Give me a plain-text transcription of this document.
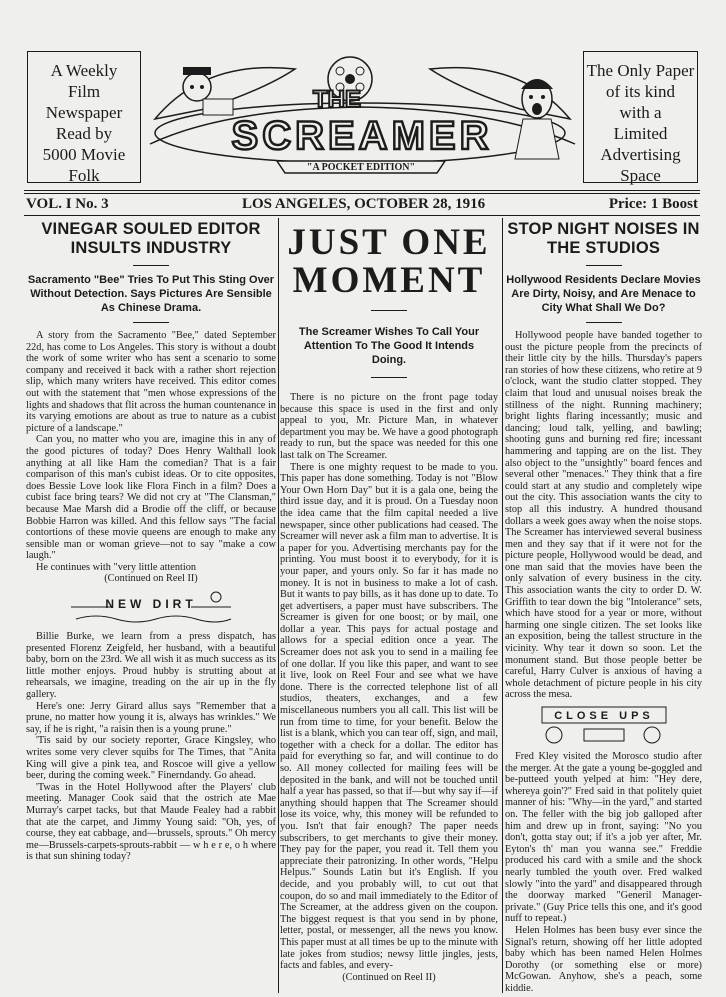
A Weekly
Film
Newspaper
Read by
5000 Movie
Folk
THE
SCREAMER
"A POCKET EDITION"
The Only Paper
of its kind
with a
Limited
Advertising
Space
VOL. I No. 3	LOS ANGELES, OCTOBER 28, 1916	Price: 1 Boost
VINEGAR SOULED EDITOR INSULTS INDUSTRY

Sacramento "Bee" Tries To Put This Sting Over Without Detection. Says Pictures Are Sensible As Chinese Drama.

A story from the Sacramento "Bee," dated September 22d, has come to Los Angeles. This story is without a doubt the work of some writer who has sent a scenario to some company and received it back with a rather short rejection slip, which many writers have received. This editor comes out with the statement that "men whose expressions of the lights and shadows that flit across the human countenance in its varying emotions are about as true to nature as a cubist picture of a landscape."

Can you, no matter who you are, imagine this in any of the good pictures of today? Does Henry Walthall look anything at all like Ham the comedian? That is a fair comparison of this man's cubist ideas. Or to cite opposites, does Bessie Love look like Flora Finch in a film? Does a cubist face bring tears? We did not cry at "The Clansman," because Mae Marsh did a Brodie off the cliff, or because Bobbie Harron was killed. And this fellow says "The facial contortions of these movie queens are enough to make any sensible man or woman grieve—not to say "make a cow laugh."

He continues with "very little attention

(Continued on Reel II)

NEW DIRT

Billie Burke, we learn from a press dispatch, has presented Florenz Zeigfeld, her husband, with a beautiful baby, born on the 23rd. We all wish it as much success as its little mother enjoys. Proud hubby is strutting about at rehearsals, we imagine, treading on the air up in the fly gallery.

Here's one: Jerry Girard allus says "Remember that a prune, no matter how young it is, always has wrinkles." We say, if he is right, "a raisin then is a young prune."

'Tis said by our society reporter, Grace Kingsley, who writes some very clever squibs for The Times, that "Anita King will give a pink tea, and Roscoe will give a yellow beer, during the coming week." Finerndandy. Go ahead.

'Twas in the Hotel Hollywood after the Players' club meeting. Manager Cook said that the ostrich ate Mae Murray's carpet tacks, but that Maude Fealey had a rabbit that ate the carpet, and Jimmy Young said: "Oh, yes, of course, they eat cabbage, and—brussels, sprouts." Oh mercy me—Brussels-carpets-sprouts-rabbit — w h e r e, o h where is that sun shining today?

JUST ONE MOMENT

The Screamer Wishes To Call Your Attention To The Good It Intends Doing.

There is no picture on the front page today because this space is used in the first and only appeal to you, Mr. Picture Man, in whatever department you may be. We have a good photograph ready to run, but the space was needed for this one last talk on The Screamer.

There is one mighty request to be made to you. This paper has done something. Today is not "Blow Your Own Horn Day" but it is a gala one, being the third issue day, and it is proud. On a Tuesday noon the idea came that the film capital needed a live newspaper, since other publications had ceased. The Screamer will never ask a film man to advertise. It is a paper for you. Advertising merchants pay for the printing. You must boost it to everybody, for it is your paper, and yours only. So far it has made no money. It is not in business to make a lot of cash. But it wants to pay bills, as it has done up to date. To get advertisers, a paper must have subscribers. The Screamer is given for one boost; or by mail, one dollar a year. This pays for actual postage and allows for a special edition once a year. The Screamer does not ask you to send in a mailing fee of one dollar. If you like this paper, and want to see it live, look on Reel Four and see what we have done. There is the corrected telephone list of all studios, theaters, exchanges, and a few miscellaneous numbers you all call. This list will be run from time to time, for your benefit. Below the list is a blank, which you can tear off, sign, and mail, together with a check for a dollar. The editor has paid for everything so far, and will continue to do so. All money collected for mailing fees will be deposited in the bank, and will not be touched until half a year has passed, so that if—but why say if—if anything should happen that The Screamer should lose its voice, why, this money will be refunded to you. Isn't that fair enough? The paper needs subscribers, to get merchants to give their money. They pay for the paper, you read it. Tell them you appreciate their patronizing. In other words, "Helpu Helpus." Sounds Latin but it's English. If you decide, and you probably will, to cut out that coupon, do so and mail immediately to the Editor of The Screamer, at the address given on the coupon. The biggest request is that you send in by phone, letter, postal, or messenger, all the news you know. This paper must at all times be up to the minute with late jokes from studios; newsy little jingles, jests, facts and fables, and every-

(Continued on Reel II)

STOP NIGHT NOISES IN THE STUDIOS

Hollywood Residents Declare Movies Are Dirty, Noisy, and Are Menace to City What Shall We Do?

Hollywood people have banded together to oust the picture people from the precincts of their little city by the hills. Thursday's papers ran stories of how these citizens, who retire at 9 o'clock, want the studio clatter stopped. They claim that loud and unusual noises break the stillness of the night. Running machinery; bright lights flaring incessantly; music and dancing; loud talk, yelling, and bawling; shooting guns and burning red fire; incessant hammering and tapping are on the list. They also object to the "unsightly" board fences and several other "menaces." They think that a fire could start at any studio and completely wipe out the city. This association wants the city to stop all this industry. A hundred thousand dollars a week goes away when the noise stops. The Screamer has interviewed several business men and they say that if it were not for the picture people, Hollywood would be dead, and one man said that the movies have been the only salvation of every business in the city. This association wants the city to order D. W. Griffith to tear down the big "Intolerance" sets, which have stood for a year or more, without harming one single citizen. The set looks like an exposition, being the tallest structure in the vicinity. Why tear it down so soon. Let the monument stand. But those people better be careful, Harry Culver is anxious of having a whole detachment of picture people in his city across the mesa.

CLOSE UPS

Fred Kley visited the Morosco studio after the merger. At the gate a young be-goggled and be-putteed youth yelped at him: "Hey dere, whereya goin'?" Fred said in that politely quiet manner of his: "Why—in the yard," and started on. The feller with the big job galloped after him and drew up in front, saying: "No you don't, gotta stay out; if it's a job yer after, Mr. Eyton's th' man you wanna see." Freddie produced his card with a smile and the shock nearly tumbled the youth over. Fred walked slowly "into the yard" and disappeared through the doorway marked "Generil Manager-private." (Guy Price tells this one, and it's good nuff to repeat.)

Helen Holmes has been busy ever since the Signal's return, showing off her little adopted baby which has been named Helen Holmes Dorothy (or something else or more) McGowan. Anyhow, she's a peach, some kiddie.
